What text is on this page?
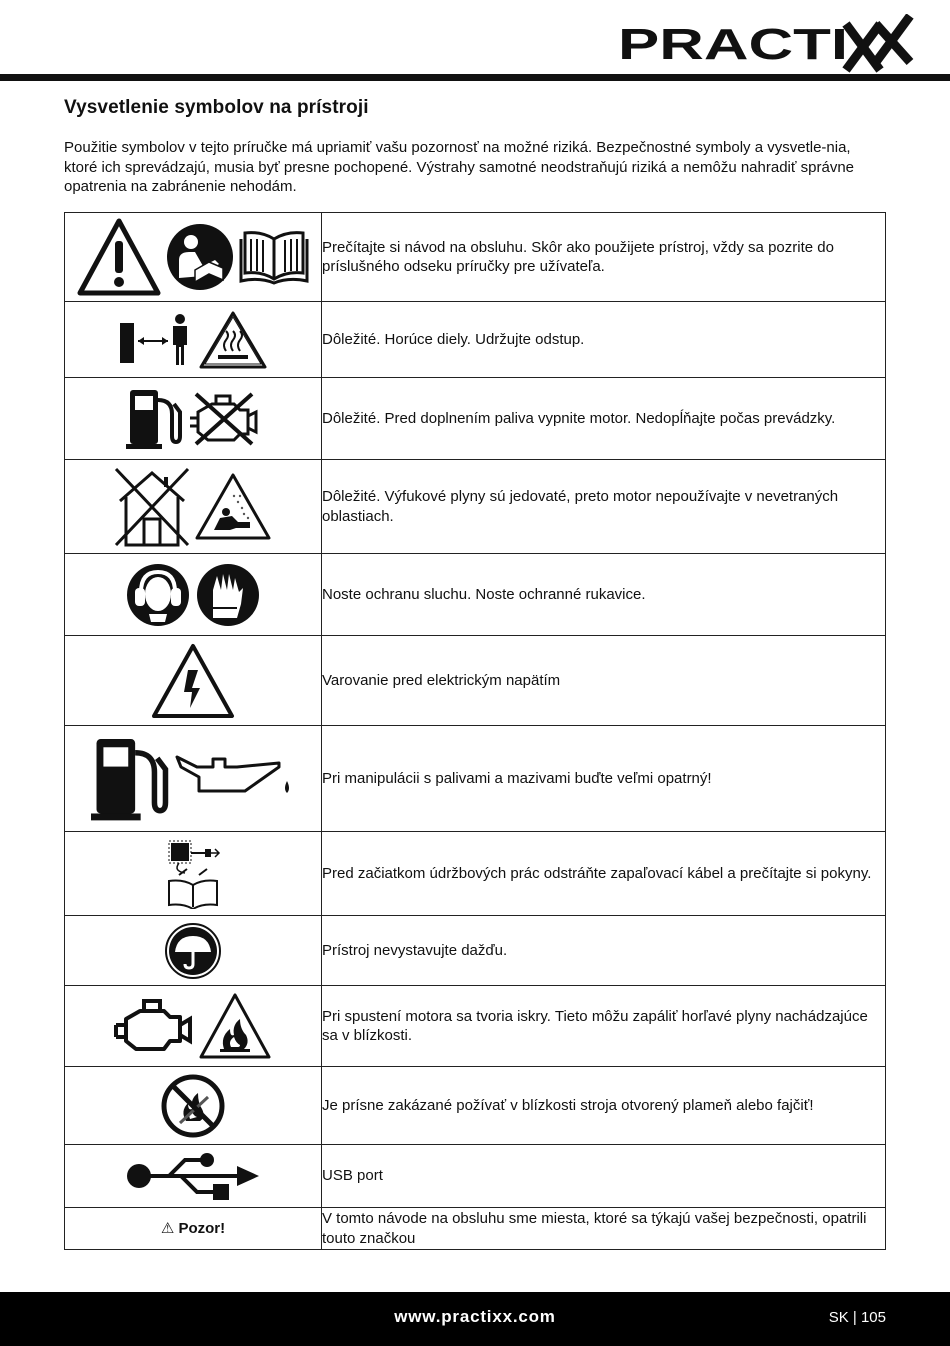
PRACTI
Vysvetlenie symbolov na prístroji

Použitie symbolov v tejto príručke má upriamiť vašu pozornosť na možné riziká. Bezpečnostné symboly a vysvetle-nia, ktoré ich sprevádzajú, musia byť presne pochopené. Výstrahy samotné neodstraňujú riziká a nemôžu nahradiť správne opatrenia na zabránenie nehodám.

	Prečítajte si návod na obsluhu. Skôr ako použijete prístroj, vždy sa pozrite do príslušného odseku príručky pre užívateľa.
	Dôležité. Horúce diely. Udržujte odstup.
	Dôležité. Pred doplnením paliva vypnite motor. Nedopĺňajte počas prevádzky.
	Dôležité. Výfukové plyny sú jedovaté, preto motor nepoužívajte v nevetraných oblastiach.
	Noste ochranu sluchu. Noste ochranné rukavice.
	Varovanie pred elektrickým napätím
	Pri manipulácii s palivami a mazivami buďte veľmi opatrný!
	Pred začiatkom údržbových prác odstráňte zapaľovací kábel a prečítajte si pokyny.
	Prístroj nevystavujte dažďu.
	Pri spustení motora sa tvoria iskry. Tieto môžu zapáliť horľavé plyny nachádzajúce sa v blízkosti.
	Je prísne zakázané požívať v blízkosti stroja otvorený plameň alebo fajčiť!
	USB port
⚠ Pozor!	V tomto návode na obsluhu sme miesta, ktoré sa týkajú vašej bezpečnosti, opatrili touto značkou
www.practixx.com	SK | 105
